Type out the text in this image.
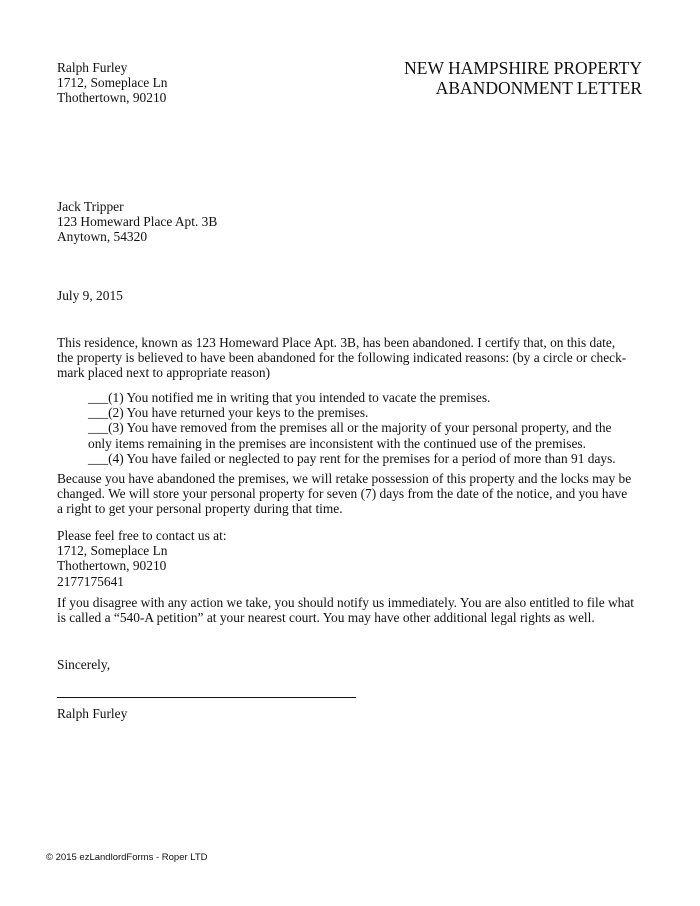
Ralph Furley
1712, Someplace Ln
Thothertown, 90210
NEW HAMPSHIRE PROPERTY
ABANDONMENT LETTER
Jack Tripper
123 Homeward Place Apt. 3B
Anytown, 54320
July 9, 2015
This residence, known as 123 Homeward Place Apt. 3B, has been abandoned. I certify that, on this date,
the property is believed to have been abandoned for the following indicated reasons: (by a circle or check-
mark placed next to appropriate reason)
___(1) You notified me in writing that you intended to vacate the premises.
___(2) You have returned your keys to the premises.
___(3) You have removed from the premises all or the majority of your personal property, and the
only items remaining in the premises are inconsistent with the continued use of the premises.
___(4) You have failed or neglected to pay rent for the premises for a period of more than 91 days.
Because you have abandoned the premises, we will retake possession of this property and the locks may be
changed. We will store your personal property for seven (7) days from the date of the notice, and you have
a right to get your personal property during that time.
Please feel free to contact us at:
1712, Someplace Ln
Thothertown, 90210
2177175641
If you disagree with any action we take, you should notify us immediately. You are also entitled to file what
is called a “540-A petition” at your nearest court. You may have other additional legal rights as well.
Sincerely,
Ralph Furley
© 2015 ezLandlordForms - Roper LTD
